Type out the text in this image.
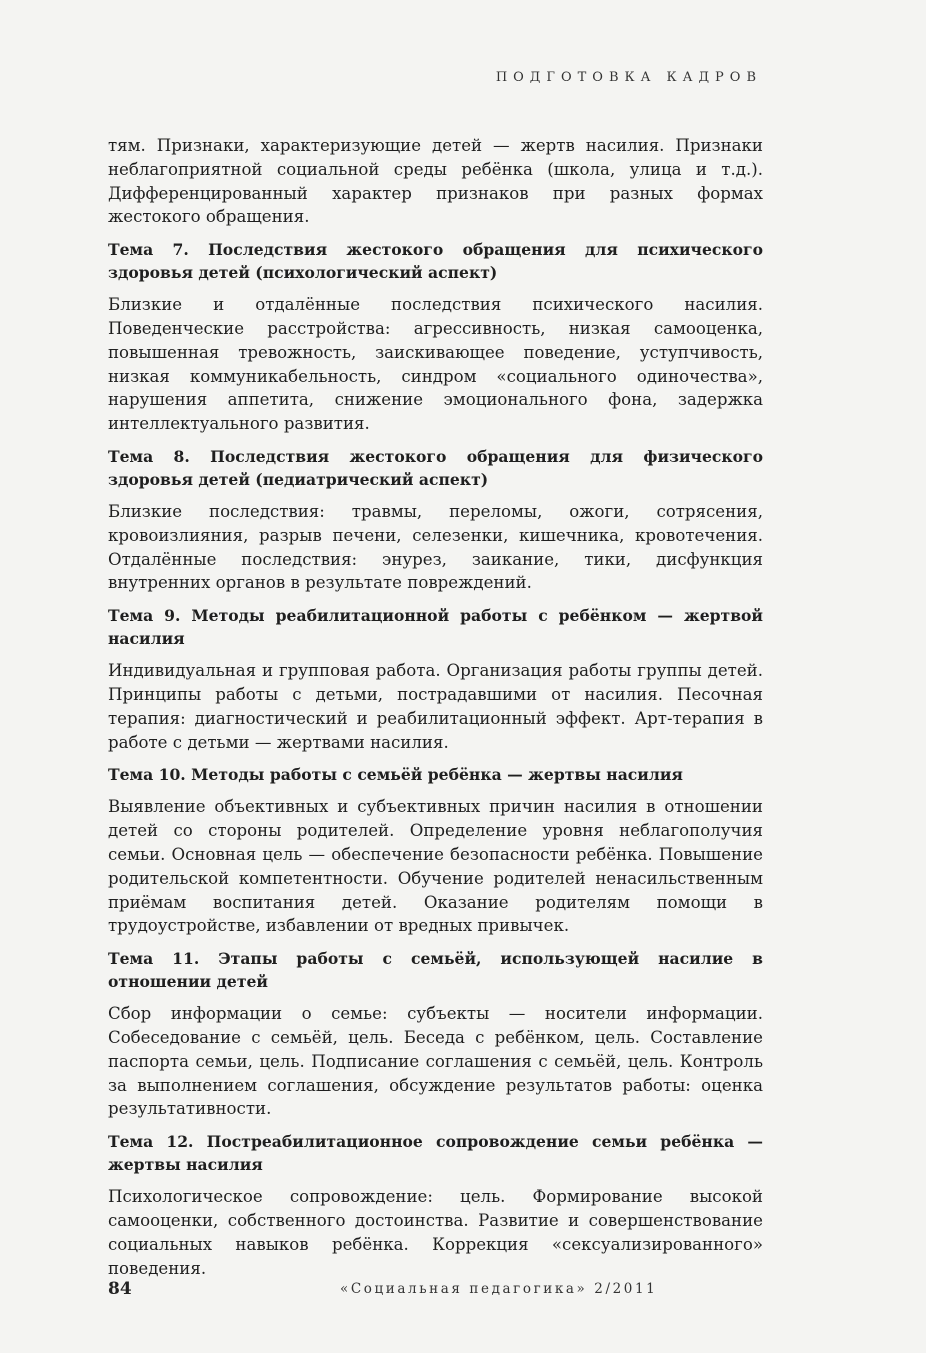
ПОДГОТОВКА КАДРОВ

тям. Признаки, характеризующие детей — жертв насилия. Признаки неблагоприятной социальной среды ребёнка (школа, улица и т.д.). Дифференцированный характер признаков при разных формах жестокого обращения.

Тема 7. Последствия жестокого обращения для психического здоровья детей (психологический аспект)

Близкие и отдалённые последствия психического насилия. Поведенческие расстройства: агрессивность, низкая самооценка, повышенная тревожность, заискивающее поведение, уступчивость, низкая коммуникабельность, синдром «социального одиночества», нарушения аппетита, снижение эмоционального фона, задержка интеллектуального развития.

Тема 8. Последствия жестокого обращения для физического здоровья детей (педиатрический аспект)

Близкие последствия: травмы, переломы, ожоги, сотрясения, кровоизлияния, разрыв печени, селезенки, кишечника, кровотечения. Отдалённые последствия: энурез, заикание, тики, дисфункция внутренних органов в результате повреждений.

Тема 9. Методы реабилитационной работы с ребёнком — жертвой насилия

Индивидуальная и групповая работа. Организация работы группы детей. Принципы работы с детьми, пострадавшими от насилия. Песочная терапия: диагностический и реабилитационный эффект. Арт-терапия в работе с детьми — жертвами насилия.

Тема 10. Методы работы с семьёй ребёнка — жертвы насилия

Выявление объективных и субъективных причин насилия в отношении детей со стороны родителей. Определение уровня неблагополучия семьи. Основная цель — обеспечение безопасности ребёнка. Повышение родительской компетентности. Обучение родителей ненасильственным приёмам воспитания детей. Оказание родителям помощи в трудоустройстве, избавлении от вредных привычек.

Тема 11. Этапы работы с семьёй, использующей насилие в отношении детей

Сбор информации о семье: субъекты — носители информации. Собеседование с семьёй, цель. Беседа с ребёнком, цель. Составление паспорта семьи, цель. Подписание соглашения с семьёй, цель. Контроль за выполнением соглашения, обсуждение результатов работы: оценка результативности.

Тема 12. Постреабилитационное сопровождение семьи ребёнка — жертвы насилия

Психологическое сопровождение: цель. Формирование высокой самооценки, собственного достоинства. Развитие и совершенствование социальных навыков ребёнка. Коррекция «сексуализированного» поведения.

84	«Социальная педагогика» 2/2011
